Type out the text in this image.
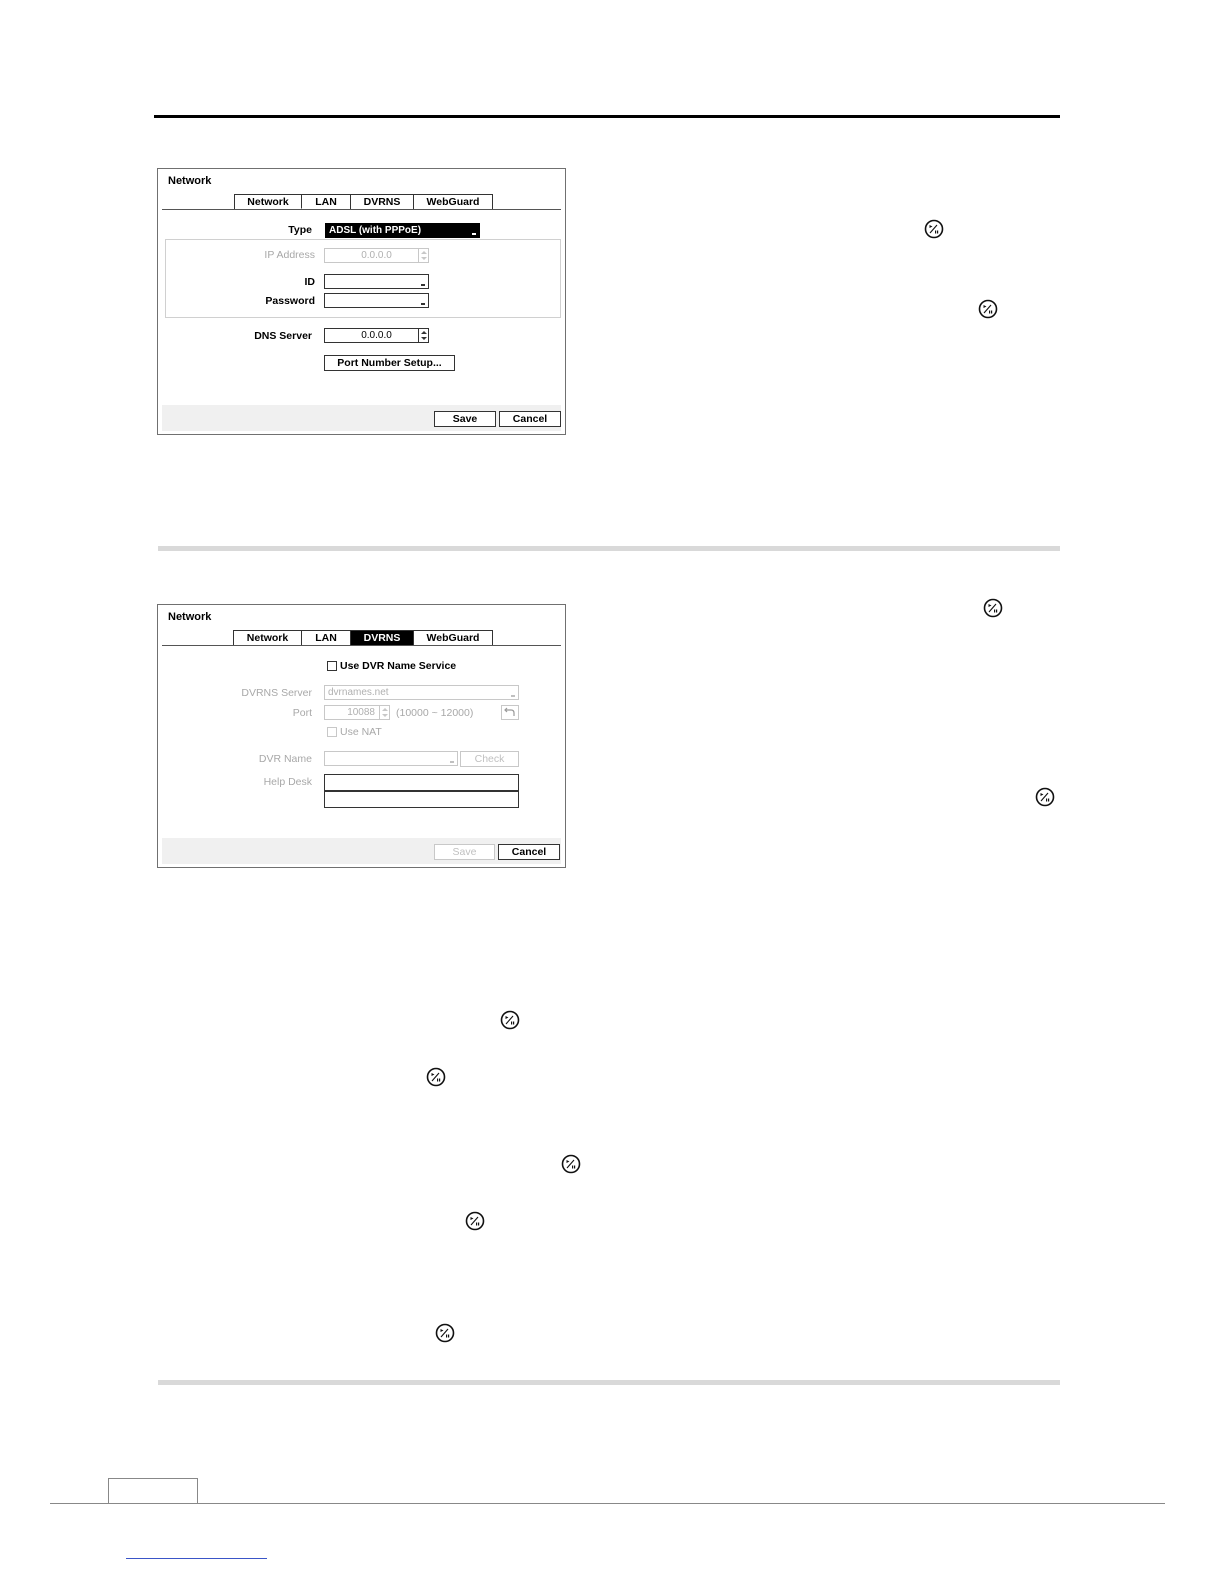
Network
Network	LAN	DVRNS	WebGuard
Type	ADSL (with PPPoE)
IP Address	0.0.0.0
ID
Password
DNS Server	0.0.0.0
Port Number Setup...
Save	Cancel
Network
Network	LAN	DVRNS	WebGuard
Use DVR Name Service
DVRNS Server	dvrnames.net
Port	10088	(10000 ~ 12000)
Use NAT
DVR Name	Check
Help Desk
Save	Cancel
